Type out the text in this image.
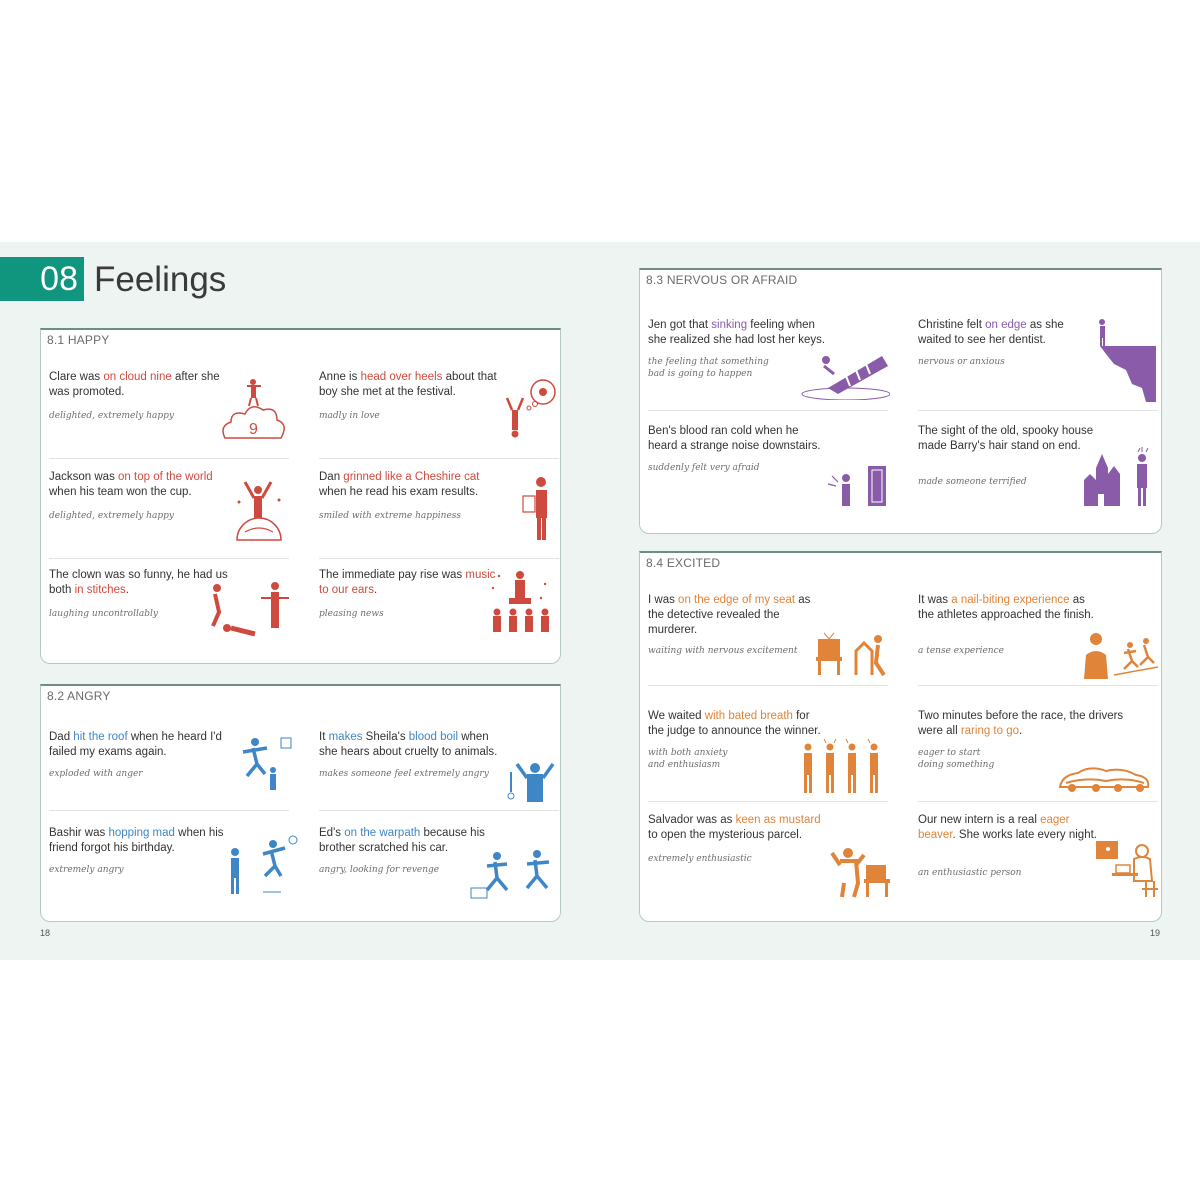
08 Feelings
8.1 HAPPY
Clare was on cloud nine after she was promoted.
delighted, extremely happy
9
Anne is head over heels about that boy she met at the festival.
madly in love
Jackson was on top of the world when his team won the cup.
delighted, extremely happy
Dan grinned like a Cheshire cat when he read his exam results.
smiled with extreme happiness
The clown was so funny, he had us both in stitches.
laughing uncontrollably
The immediate pay rise was music to our ears.
pleasing news
8.2 ANGRY
Dad hit the roof when he heard I'd failed my exams again.
exploded with anger
It makes Sheila's blood boil when she hears about cruelty to animals.
makes someone feel extremely angry
Bashir was hopping mad when his friend forgot his birthday.
extremely angry
Ed's on the warpath because his brother scratched his car.
angry, looking for revenge
8.3 NERVOUS OR AFRAID
Jen got that sinking feeling when she realized she had lost her keys.
the feeling that something bad is going to happen
Christine felt on edge as she waited to see her dentist.
nervous or anxious
Ben's blood ran cold when he heard a strange noise downstairs.
suddenly felt very afraid
The sight of the old, spooky house made Barry's hair stand on end.
made someone terrified
8.4 EXCITED
I was on the edge of my seat as the detective revealed the murderer.
waiting with nervous excitement
It was a nail-biting experience as the athletes approached the finish.
a tense experience
We waited with bated breath for the judge to announce the winner.
with both anxiety and enthusiasm
Two minutes before the race, the drivers were all raring to go.
eager to start doing something
Salvador was as keen as mustard to open the mysterious parcel.
extremely enthusiastic
Our new intern is a real eager beaver. She works late every night.
an enthusiastic person
18	19
